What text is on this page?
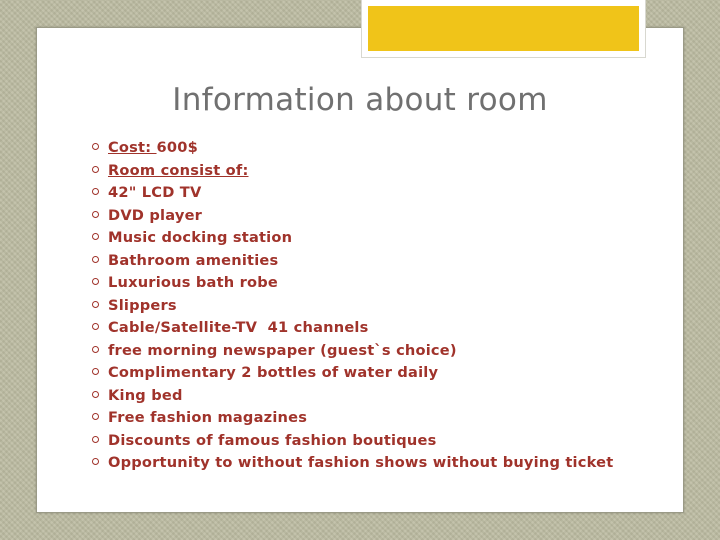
Information about room
Cost: 600$
Room consist of:
42" LCD TV
DVD player
Music docking station
Bathroom amenities
Luxurious bath robe
Slippers
Cable/Satellite-TV  41 channels
free morning newspaper (guest`s choice)
Complimentary 2 bottles of water daily
King bed
Free fashion magazines
Discounts of famous fashion boutiques
Opportunity to without fashion shows without buying ticket
